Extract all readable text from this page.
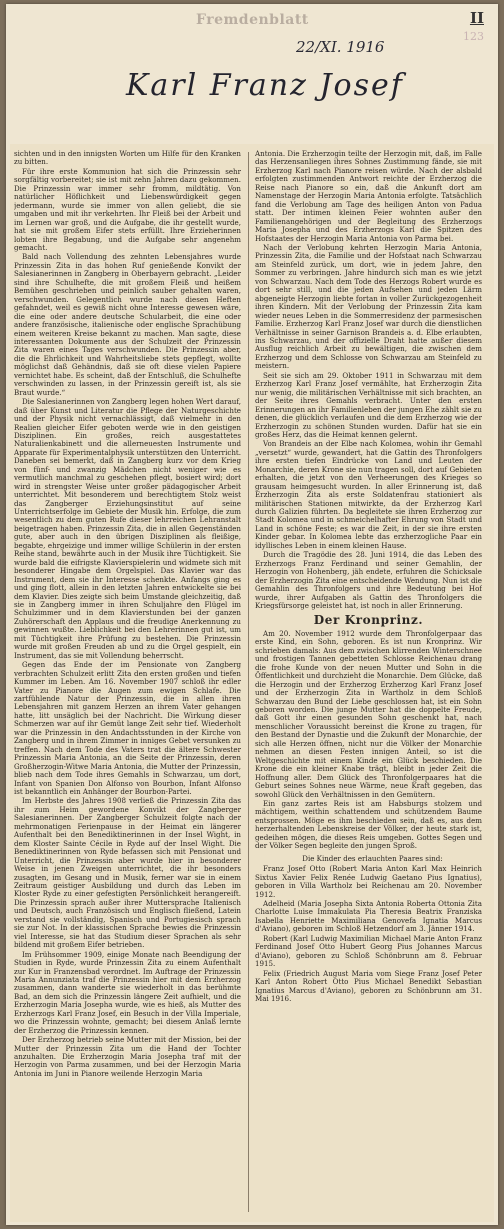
Fremdenblatt	II
123
22/XI. 1916
Karl Franz Josef

sichten und in den innigsten Worten um Hilfe für den Kranken zu bitten.

Für ihre erste Kommunion hat sich die Prinzessin sehr sorgfältig vorbereitet; sie ist mit zehn Jahren dazu gekommen. Die Prinzessin war immer sehr fromm, mildtätig. Von natürlicher Höflichkeit und Liebenswürdigkeit gegen jedermann, wurde sie immer von allen geliebt, die sie umgaben und mit ihr verkehrten. Ihr Fleiß bei der Arbeit und im Lernen war groß, und die Aufgabe, die ihr gestellt wurde, hat sie mit großem Eifer stets erfüllt. Ihre Erzieherinnen lobten ihre Begabung, und die Aufgabe sehr angenehm gemacht.

Bald nach Vollendung des zehnten Lebensjahres wurde Prinzessin Zita in das hohen Ruf genießende Konvikt der Salesianerinnen in Zangberg in Oberbayern gebracht. „Leider sind ihre Schulhefte, die mit großem Fleiß und heißem Bemühen geschrieben und peinlich sauber gehalten waren, verschwunden. Gelegentlich wurde nach diesen Heften gefahndet, weil es gewiß nicht ohne Interesse gewesen wäre, die eine oder andere deutsche Schularbeit, die eine oder andere französische, italienische oder englische Sprachübung einem weiteren Kreise bekannt zu machen. Man sagte, diese interessanten Dokumente aus der Schulzeit der Prinzessin Zita waren eines Tages verschwunden. Die Prinzessin aber, die die Ehrlichkeit und Wahrheitsliebe stets gepflegt, wollte möglichst daß Gehändnis, daß sie oft diese vielen Papiere vernichtet habe. Es scheint, daß der Entschluß, die Schulhefte verschwinden zu lassen, in der Prinzessin gereift ist, als sie Braut wurde.“

Die Salesianerinnen von Zangberg legen hohen Wert darauf, daß über Kunst und Literatur die Pflege der Naturgeschichte und der Physik nicht vernachlässigt, daß vielmehr in den Realien gleicher Eifer geboten werde wie in den geistigen Disziplinen. Ein großes, reich ausgestattetes Naturalienkabinett und die allerneuesten Instrumente und Apparate für Experimentalphysik unterstützen den Unterricht. Daneben sei bemerkt, daß in Zangberg kurz vor dem Krieg von fünf- und zwanzig Mädchen nicht weniger wie es vermutlich manchmal zu geschehen pflegt, bosiert wird; dort wird in strengster Weise unter großer pädagogischer Arbeit unterrichtet. Mit besonderem und berechtigtem Stolz weist das Zangberger Erziehungsinstitut auf seine Unterrichtserfolge im Gebiete der Musik hin. Erfolge, die zum wesentlich zu dem guten Rufe dieser lehrreichen Lehranstalt beigetragen haben. Prinzessin Zita, die in allen Gegenständen gute, aber auch in den übrigen Disziplinen als fleißige, begabte, ehrgeizige und immer willige Schülerin in der ersten Reihe stand, bewährte auch in der Musik ihre Tüchtigkeit. Sie wurde bald die eifrigste Klavierspielerin und widmete sich mit besonderer Hingabe dem Orgelspiel. Das Klavier war das Instrument, dem sie ihr Interesse schenkte. Anfangs ging es und ging flott, allein in den letzten Jahren entwickelte sie bei dem Klavier. Dies zeigte sich beim Umstande gleichzeitig, daß sie in Zangberg immer in ihren Schuljahre den Flügel im Schulzimmer und in dem Klavierstunden bei der ganzen Zuhörerschaft den Applaus und die freudige Anerkennung zu gewinnen wußte. Lieblichkeit bei den Lehrerinnen gut ist, um mit Tüchtigkeit ihre Prüfung zu bestehen. Die Prinzessin wurde mit großen Freuden ab und zu die Orgel gespielt, ein Instrument, das sie mit Vollendung beherrscht.

Gegen das Ende der im Pensionate von Zangberg verbrachten Schulzeit erlitt Zita den ersten großen und tiefen Kummer im Leben. Am 16. November 1907 schloß ihr edler Vater zu Pianore die Augen zum ewigen Schlafe. Die zartfühlende Natur der Prinzessin, die in allen ihren Lebensjahren mit ganzem Herzen an ihrem Vater gehangen hatte, litt unsäglich bei der Nachricht. Die Wirkung dieser Schmerzen war auf ihr Gemüt lange Zeit sehr tief. Wiederholt war die Prinzessin in den Andachtsstunden in der Kirche von Zangberg und in ihrem Zimmer in inniges Gebet versunken zu treffen. Nach dem Tode des Vaters trat die ältere Schwester Prinzessin Maria Antonia, an die Seite der Prinzessin, deren Großherzogin-Witwe Maria Antonia, die Mutter der Prinzessin, blieb nach dem Tode ihres Gemahls in Schwarzau, um dort, Infant von Spanien Don Alfonso von Bourbon, Infant Alfonso ist bekanntlich ein Anhänger der Bourbon-Partei.

Im Herbste des Jahres 1908 verließ die Prinzessin Zita das ihr zum Heim gewordene Konvikt der Zangberger Salesianerinnen. Der Zangberger Schulzeit folgte nach der mehrmonatigen Ferienpause in der Heimat ein längerer Aufenthalt bei den Benediktinerinnen in der Insel Wight, in dem Kloster Sainte Cécile in Ryde auf der Insel Wight. Die Benediktinerinnen von Ryde befassen sich mit Pensionat und Unterricht, die Prinzessin aber wurde hier in besonderer Weise in jenen Zweigen unterrichtet, die ihr besonders zusagten, im Gesang und in Musik, ferner war sie in einem Zeitraum geistiger Ausbildung und durch das Leben im Kloster Ryde zu einer gefestigten Persönlichkeit herangereift. Die Prinzessin sprach außer ihrer Muttersprache Italienisch und Deutsch, auch Französisch und Englisch fließend, Latein verstand sie vollständig, Spanisch und Portugiesisch sprach sie zur Not. In der klassischen Sprache bewies die Prinzessin viel Interesse, sie hat das Studium dieser Sprachen als sehr bildend mit großem Eifer betrieben.

Im Frühsommer 1909, einige Monate nach Beendigung der Studien in Ryde, wurde Prinzessin Zita zu einem Aufenthalt zur Kur in Franzensbad verordnet. Im Auftrage der Prinzessin Maria Annunziata traf die Prinzessin hier mit dem Erzherzog zusammen, dann wanderte sie wiederholt in das berühmte Bad, an dem sich die Prinzessin längere Zeit aufhielt, und die Erzherzogin Maria Josepha wurde, wie es hieß, als Mutter des Erzherzogs Karl Franz Josef, ein Besuch in der Villa Imperiale, wo die Prinzessin wohnte, gemacht; bei diesem Anlaß lernte der Erzherzog die Prinzessin kennen.

Der Erzherzog betrieb seine Mutter mit der Mission, bei der Mutter der Prinzessin Zita um die Hand der Tochter anzuhalten. Die Erzherzogin Maria Josepha traf mit der Herzogin von Parma zusammen, und bei der Herzogin Maria Antonia im Juni in Pianore weilende Herzogin Maria

Antonia. Die Erzherzogin teilte der Herzogin mit, daß, im Falle das Herzensanliegen ihres Sohnes Zustimmung fände, sie mit Erzherzog Karl nach Pianore reisen würde. Nach der alsbald erfolgten zustimmenden Antwort reichte der Erzherzog die Reise nach Pianore so ein, daß die Ankunft dort am Namenstage der Herzogin Maria Antonia erfolgte. Tatsächlich fand die Verlobung am Tage des heiligen Anton von Padua statt. Der intimen kleinen Feier wohnten außer den Familienangehörigen und der Begleitung des Erzherzogs Maria Josepha und des Erzherzogs Karl die Spitzen des Hofstaates der Herzogin Maria Antonia von Parma bei.

Nach der Verlobung kehrten Herzogin Maria Antonia, Prinzessin Zita, die Familie und der Hofstaat nach Schwarzau am Steinfeld zurück, um dort, wie in jedem Jahre, den Sommer zu verbringen. Jahre hindurch sich man es wie jetzt von Schwarzau. Nach dem Tode des Herzogs Robert wurde es dort sehr still, und die jeden Aufsehen und jeden Lärm abgeneigte Herzogin liebte fortan in voller Zurückgezogenheit ihren Kindern. Mit der Verlobung der Prinzessin Zita kam wieder neues Leben in die Sommerresidenz der parmesischen Familie. Erzherzog Karl Franz Josef war durch die dienstlichen Verhältnisse in seiner Garnison Brandeis a. d. Elbe erlaubten, ins Schwarzau, und der offizielle Draht hatte außer diesem Ausflug reichlich Arbeit zu bewältigen, die zwischen dem Erzherzog und dem Schlosse von Schwarzau am Steinfeld zu meistern.

Seit sie sich am 29. Oktober 1911 in Schwarzau mit dem Erzherzog Karl Franz Josef vermählte, hat Erzherzogin Zita nur wenig, die militärischen Verhältnisse mit sich brachten, an der Seite ihres Gemahls verbracht. Unter den ersten Erinnerungen an ihr Familienleben der jungen Ehe zählt sie zu denen, die glücklich verlaufen und die dem Erzherzog wie der Erzherzogin zu schönen Stunden wurden. Dafür hat sie ein großes Herz, das die Heimat kennen gelernt.

Von Brandeis an der Elbe nach Kolomea, wohin ihr Gemahl „versetzt“ wurde, gewandert, hat die Gattin des Thronfolgers ihre ersten tiefen Eindrücke von Land und Leuten der Monarchie, deren Krone sie nun tragen soll, dort auf Gebieten erhalten, die jetzt von den Verheerungen des Krieges so grausam heimgesucht wurden. In aller Erinnerung ist, daß Erzherzogin Zita als erste Soldatenfrau stationiert als militärischen Stationen mitwirkte, da der Erzherzog Karl durch Galizien führten. Da begleitete sie ihren Erzherzog zur Stadt Kolomea und in schmeichelhafter Ehrung von Stadt und Land in schöne Feste; es war die Zeit, in der sie ihre ersten Kinder gebar. In Kolomea lebte das erzherzogliche Paar ein idyllisches Leben in einem kleinen Hause.

Durch die Tragödie des 28. Juni 1914, die das Leben des Erzherzogs Franz Ferdinand und seiner Gemahlin, der Herzogin von Hohenberg, jäh endete, erfuhren die Schicksale der Erzherzogin Zita eine entscheidende Wendung. Nun ist die Gemahlin des Thronfolgers und ihre Bedeutung bei Hof wurde, ihrer Aufgaben als Gattin des Thronfolgers die Kriegsfürsorge geleistet hat, ist noch in aller Erinnerung.

Der Kronprinz.

Am 20. November 1912 wurde dem Thronfolgerpaar das erste Kind, ein Sohn, geboren. Es ist nun Kronprinz. Wir schrieben damals: Aus dem zwischen klirrenden Winterschnee und frostigen Tannen gebetteten Schlosse Reichenau drang die frohe Kunde von der neuen Mutter und Sohn in die Öffentlichkeit und durchzieht die Monarchie. Dem Glücke, daß die Herzogin und der Erzherzog Erzherzog Karl Franz Josef und der Erzherzogin Zita in Wartholz in dem Schloß Schwarzau den Bund der Liebe geschlossen hat, ist ein Sohn geboren worden. Die junge Mutter hat die doppelte Freude, daß Gott ihr einen gesunden Sohn geschenkt hat, nach menschlicher Voraussicht bereinst die Krone zu tragen, für den Bestand der Dynastie und die Zukunft der Monarchie, der sich alle Herzen öffnen, nicht nur die Völker der Monarchie nehmen an diesen Festen innigen Anteil, so ist die Weltgeschichte mit einem Kinde ein Glück beschieden. Die Krone die ein kleiner Knabe trägt, bleibt in jeder Zeit die Hoffnung aller. Dem Glück des Thronfolgerpaares hat die Geburt seines Sohnes neue Wärme, neue Kraft gegeben, das sowohl Glück den Verhältnissen in den Gemütern.

Ein ganz zartes Reis ist am Habsburgs stolzem und mächtigem, weithin schattendem und schützendem Baume entsprossen. Möge es ihm beschieden sein, daß es, aus dem herzerhaltenden Lebenskreise der Völker, der heute stark ist, gedeihen mögen, die dieses Reis umgeben. Gottes Segen und der Völker Segen begleite den jungen Sproß.

Die Kinder des erlauchten Paares sind:

Franz Josef Otto (Robert Maria Anton Karl Max Heinrich Sixtus Xavier Felix Renée Ludwig Gaetano Pius Ignatius), geboren in Villa Wartholz bei Reichenau am 20. November 1912.

Adelheid (Maria Josepha Sixta Antonia Roberta Ottonia Zita Charlotte Luise Immakulata Pia Theresia Beatrix Franziska Isabella Henriette Maximiliana Genovefa Ignatia Marcus d'Aviano), geboren im Schloß Hetzendorf am 3. Jänner 1914.

Robert (Karl Ludwig Maximilian Michael Marie Anton Franz Ferdinand Josef Otto Hubert Georg Pius Johannes Marcus d'Aviano), geboren zu Schloß Schönbrunn am 8. Februar 1915.

Felix (Friedrich August Maria vom Siege Franz Josef Peter Karl Anton Robert Otto Pius Michael Benedikt Sebastian Ignatius Marcus d'Aviano), geboren zu Schönbrunn am 31. Mai 1916.
